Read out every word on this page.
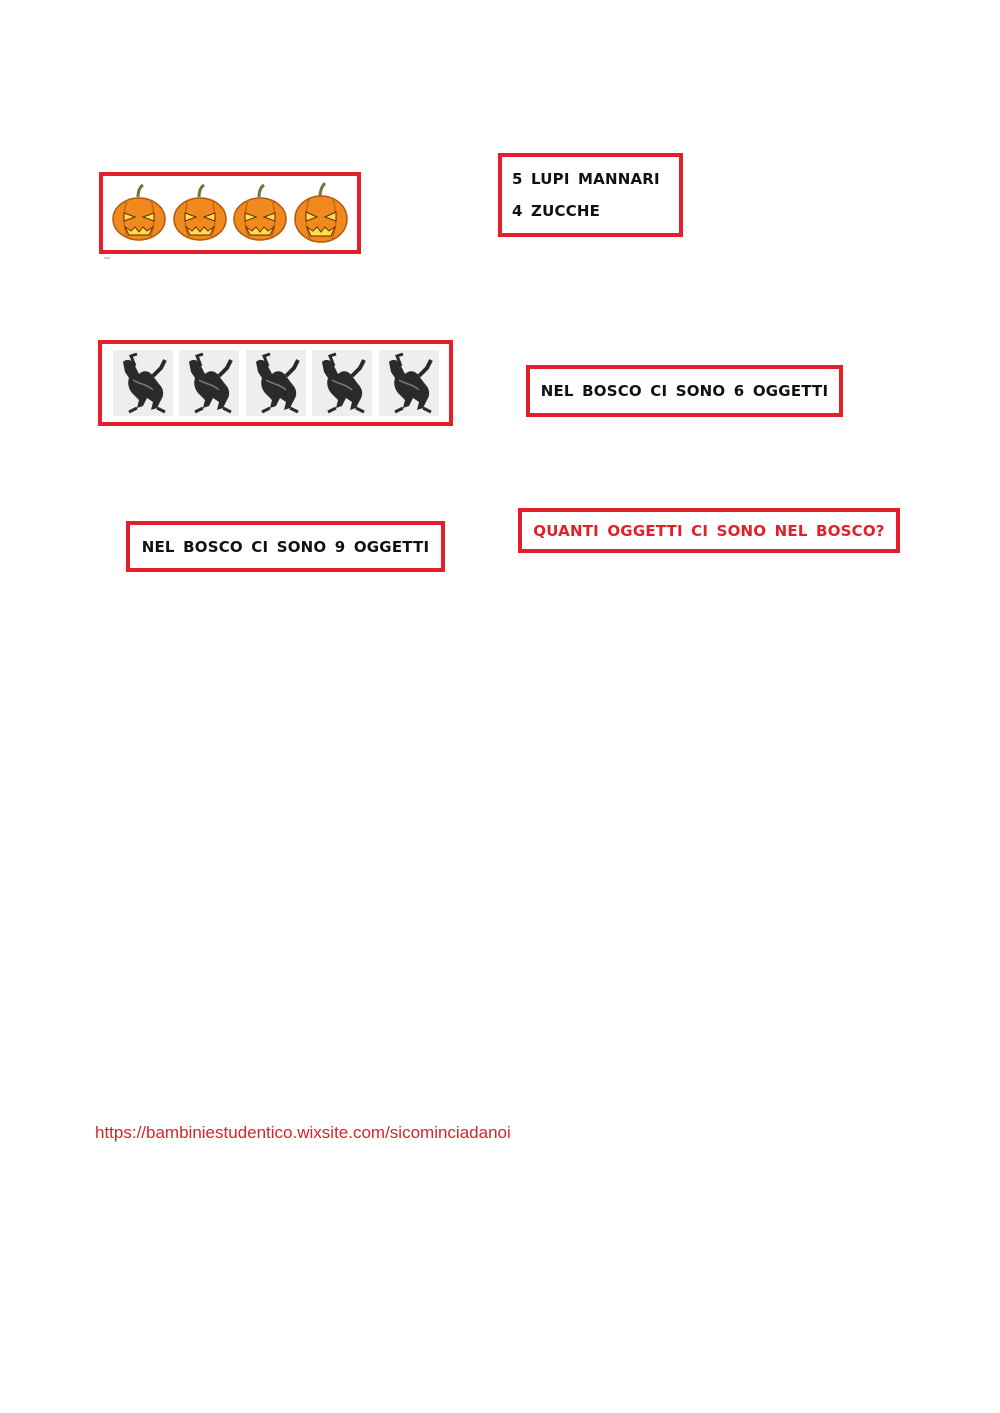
5 LUPI MANNARI
4 ZUCCHE
NEL BOSCO CI SONO 6 OGGETTI
NEL BOSCO CI SONO 9 OGGETTI
QUANTI OGGETTI CI SONO NEL BOSCO?
https://bambiniestudentico.wixsite.com/sicominciadanoi
